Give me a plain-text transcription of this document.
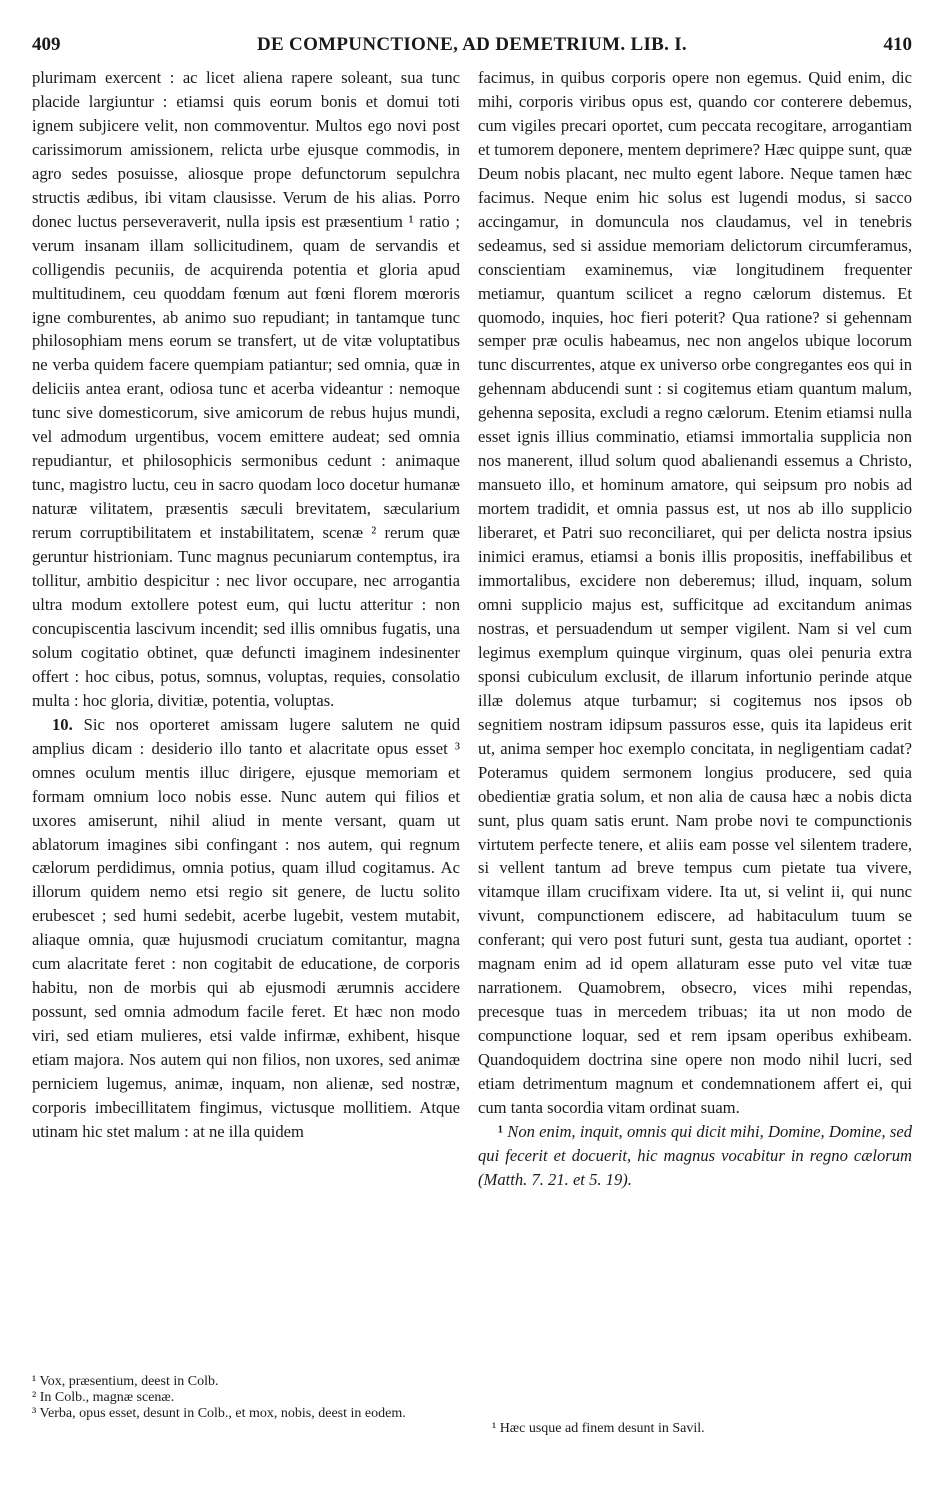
409	DE COMPUNCTIONE, AD DEMETRIUM. LIB. I.	410

plurimam exercent : ac licet aliena rapere soleant, sua tunc placide largiuntur : etiamsi quis eorum bonis et domui toti ignem subjicere velit, non commoventur. Multos ego novi post carissimorum amissionem, relicta urbe ejusque commodis, in agro sedes posuisse, aliosque prope defunctorum sepulchra structis ædibus, ibi vitam clausisse. Verum de his alias. Porro donec luctus perseveraverit, nulla ipsis est præsentium ¹ ratio ; verum insanam illam sollicitudinem, quam de servandis et colligendis pecuniis, de acquirenda potentia et gloria apud multitudinem, ceu quoddam fœnum aut fœni florem mœroris igne comburentes, ab animo suo repudiant; in tantamque tunc philosophiam mens eorum se transfert, ut de vitæ voluptatibus ne verba quidem facere quempiam patiantur; sed omnia, quæ in deliciis antea erant, odiosa tunc et acerba videantur : nemoque tunc sive domesticorum, sive amicorum de rebus hujus mundi, vel admodum urgentibus, vocem emittere audeat; sed omnia repudiantur, et philosophicis sermonibus cedunt : animaque tunc, magistro luctu, ceu in sacro quodam loco docetur humanæ naturæ vilitatem, præsentis sæculi brevitatem, sæcularium rerum corruptibilitatem et instabilitatem, scenæ ² rerum quæ geruntur histrioniam. Tunc magnus pecuniarum contemptus, ira tollitur, ambitio despicitur : nec livor occupare, nec arrogantia ultra modum extollere potest eum, qui luctu atteritur : non concupiscentia lascivum incendit; sed illis omnibus fugatis, una solum cogitatio obtinet, quæ defuncti imaginem indesinenter offert : hoc cibus, potus, somnus, voluptas, requies, consolatio multa : hoc gloria, divitiæ, potentia, voluptas.

10. Sic nos oporteret amissam lugere salutem ne quid amplius dicam : desiderio illo tanto et alacritate opus esset ³ omnes oculum mentis illuc dirigere, ejusque memoriam et formam omnium loco nobis esse. Nunc autem qui filios et uxores amiserunt, nihil aliud in mente versant, quam ut ablatorum imagines sibi confingant : nos autem, qui regnum cælorum perdidimus, omnia potius, quam illud cogitamus. Ac illorum quidem nemo etsi regio sit genere, de luctu solito erubescet ; sed humi sedebit, acerbe lugebit, vestem mutabit, aliaque omnia, quæ hujusmodi cruciatum comitantur, magna cum alacritate feret : non cogitabit de educatione, de corporis habitu, non de morbis qui ab ejusmodi ærumnis accidere possunt, sed omnia admodum facile feret. Et hæc non modo viri, sed etiam mulieres, etsi valde infirmæ, exhibent, hisque etiam majora. Nos autem qui non filios, non uxores, sed animæ perniciem lugemus, animæ, inquam, non alienæ, sed nostræ, corporis imbecillitatem fingimus, victusque mollitiem. Atque utinam hic stet malum : at ne illa quidem

facimus, in quibus corporis opere non egemus. Quid enim, dic mihi, corporis viribus opus est, quando cor conterere debemus, cum vigiles precari oportet, cum peccata recogitare, arrogantiam et tumorem deponere, mentem deprimere? Hæc quippe sunt, quæ Deum nobis placant, nec multo egent labore. Neque tamen hæc facimus. Neque enim hic solus est lugendi modus, si sacco accingamur, in domuncula nos claudamus, vel in tenebris sedeamus, sed si assidue memoriam delictorum circumferamus, conscientiam examinemus, viæ longitudinem frequenter metiamur, quantum scilicet a regno cælorum distemus. Et quomodo, inquies, hoc fieri poterit? Qua ratione? si gehennam semper præ oculis habeamus, nec non angelos ubique locorum tunc discurrentes, atque ex universo orbe congregantes eos qui in gehennam abducendi sunt : si cogitemus etiam quantum malum, gehenna seposita, excludi a regno cælorum. Etenim etiamsi nulla esset ignis illius comminatio, etiamsi immortalia supplicia non nos manerent, illud solum quod abalienandi essemus a Christo, mansueto illo, et hominum amatore, qui seipsum pro nobis ad mortem tradidit, et omnia passus est, ut nos ab illo supplicio liberaret, et Patri suo reconciliaret, qui per delicta nostra ipsius inimici eramus, etiamsi a bonis illis propositis, ineffabilibus et immortalibus, excidere non deberemus; illud, inquam, solum omni supplicio majus est, sufficitque ad excitandum animas nostras, et persuadendum ut semper vigilent. Nam si vel cum legimus exemplum quinque virginum, quas olei penuria extra sponsi cubiculum exclusit, de illarum infortunio perinde atque illæ dolemus atque turbamur; si cogitemus nos ipsos ob segnitiem nostram idipsum passuros esse, quis ita lapideus erit ut, anima semper hoc exemplo concitata, in negligentiam cadat? Poteramus quidem sermonem longius producere, sed quia obedientiæ gratia solum, et non alia de causa hæc a nobis dicta sunt, plus quam satis erunt. Nam probe novi te compunctionis virtutem perfecte tenere, et aliis eam posse vel silentem tradere, si vellent tantum ad breve tempus cum pietate tua vivere, vitamque illam crucifixam videre. Ita ut, si velint ii, qui nunc vivunt, compunctionem ediscere, ad habitaculum tuum se conferant; qui vero post futuri sunt, gesta tua audiant, oportet : magnam enim ad id opem allaturam esse puto vel vitæ tuæ narrationem. Quamobrem, obsecro, vices mihi rependas, precesque tuas in mercedem tribuas; ita ut non modo de compunctione loquar, sed et rem ipsam operibus exhibeam. Quandoquidem doctrina sine opere non modo nihil lucri, sed etiam detrimentum magnum et condemnationem affert ei, qui cum tanta socordia vitam ordinat suam.

¹ Non enim, inquit, omnis qui dicit mihi, Domine, Domine, sed qui fecerit et docuerit, hic magnus vocabitur in regno cælorum (Matth. 7. 21. et 5. 19).

¹ Vox, præsentium, deest in Colb.
² In Colb., magnæ scenæ.
³ Verba, opus esset, desunt in Colb., et mox, nobis, deest in eodem.
¹ Hæc usque ad finem desunt in Savil.
